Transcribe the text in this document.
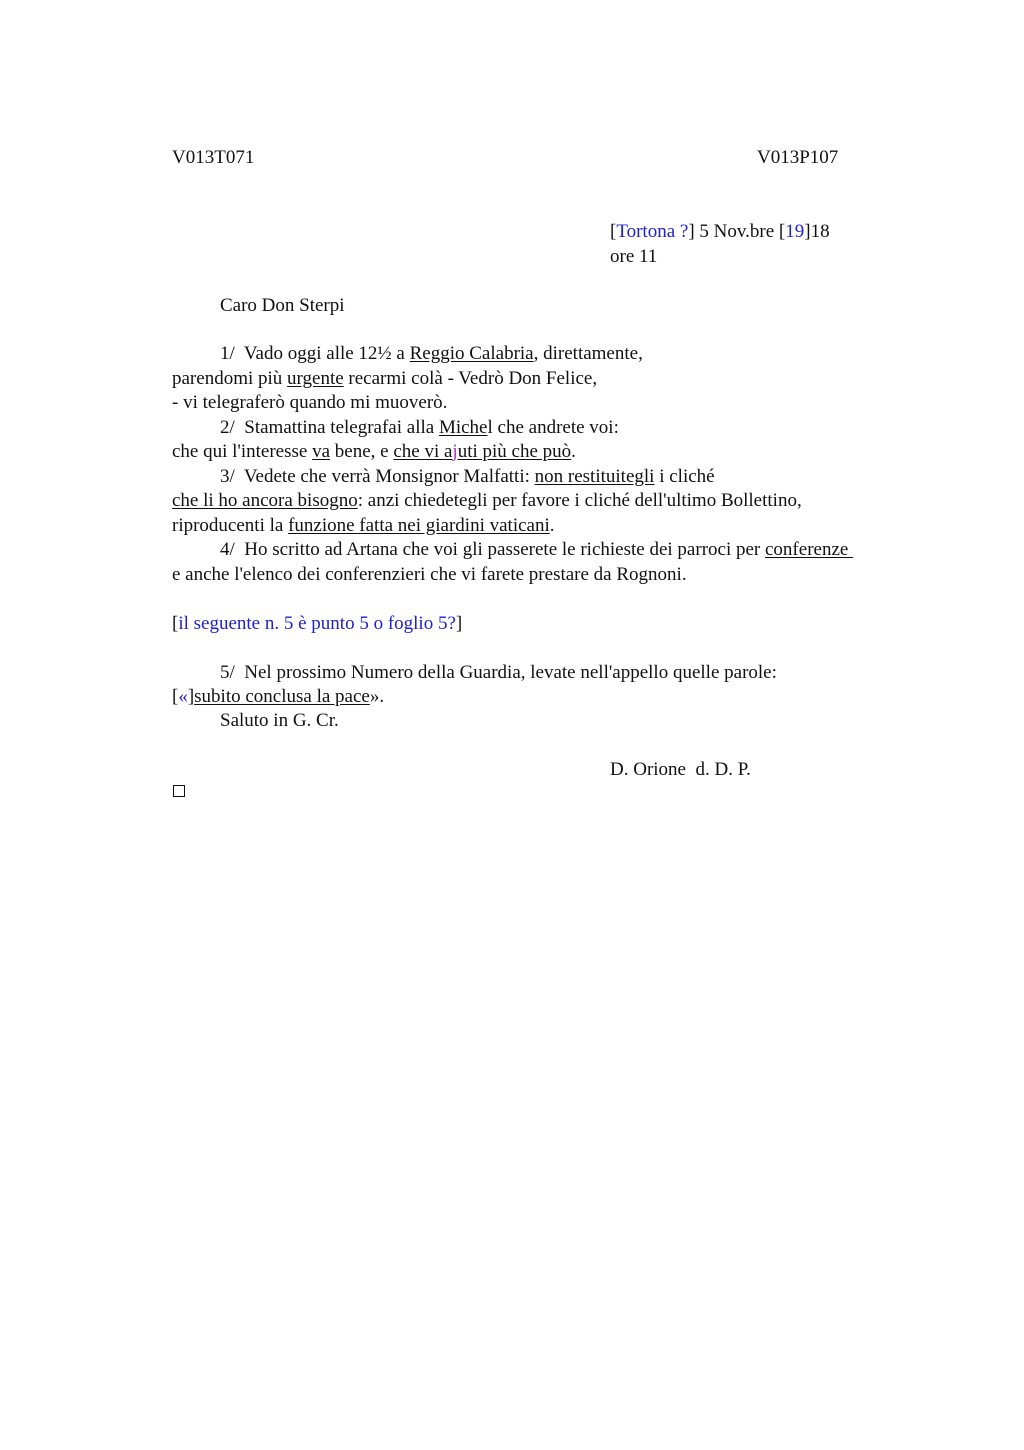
V013T071	V013P107
[Tortona ?] 5 Nov.bre [19]18
ore 11
Caro Don Sterpi
1/  Vado oggi alle 12½ a Reggio Calabria, direttamente,
parendomi più urgente recarmi colà - Vedrò Don Felice,
- vi telegraferò quando mi muoverò.
2/  Stamattina telegrafai alla Michel che andrete voi:
che qui l'interesse va bene, e che vi ajuti più che può.
3/  Vedete che verrà Monsignor Malfatti: non restituitegli i cliché
che li ho ancora bisogno: anzi chiedetegli per favore i cliché dell'ultimo Bollettino,
riproducenti la funzione fatta nei giardini vaticani.
4/  Ho scritto ad Artana che voi gli passerete le richieste dei parroci per conferenze
e anche l'elenco dei conferenzieri che vi farete prestare da Rognoni.
[il seguente n. 5 è punto 5 o foglio 5?]
5/  Nel prossimo Numero della Guardia, levate nell'appello quelle parole:
[«]subito conclusa la pace».
Saluto in G. Cr.
D. Orione  d. D. P.
